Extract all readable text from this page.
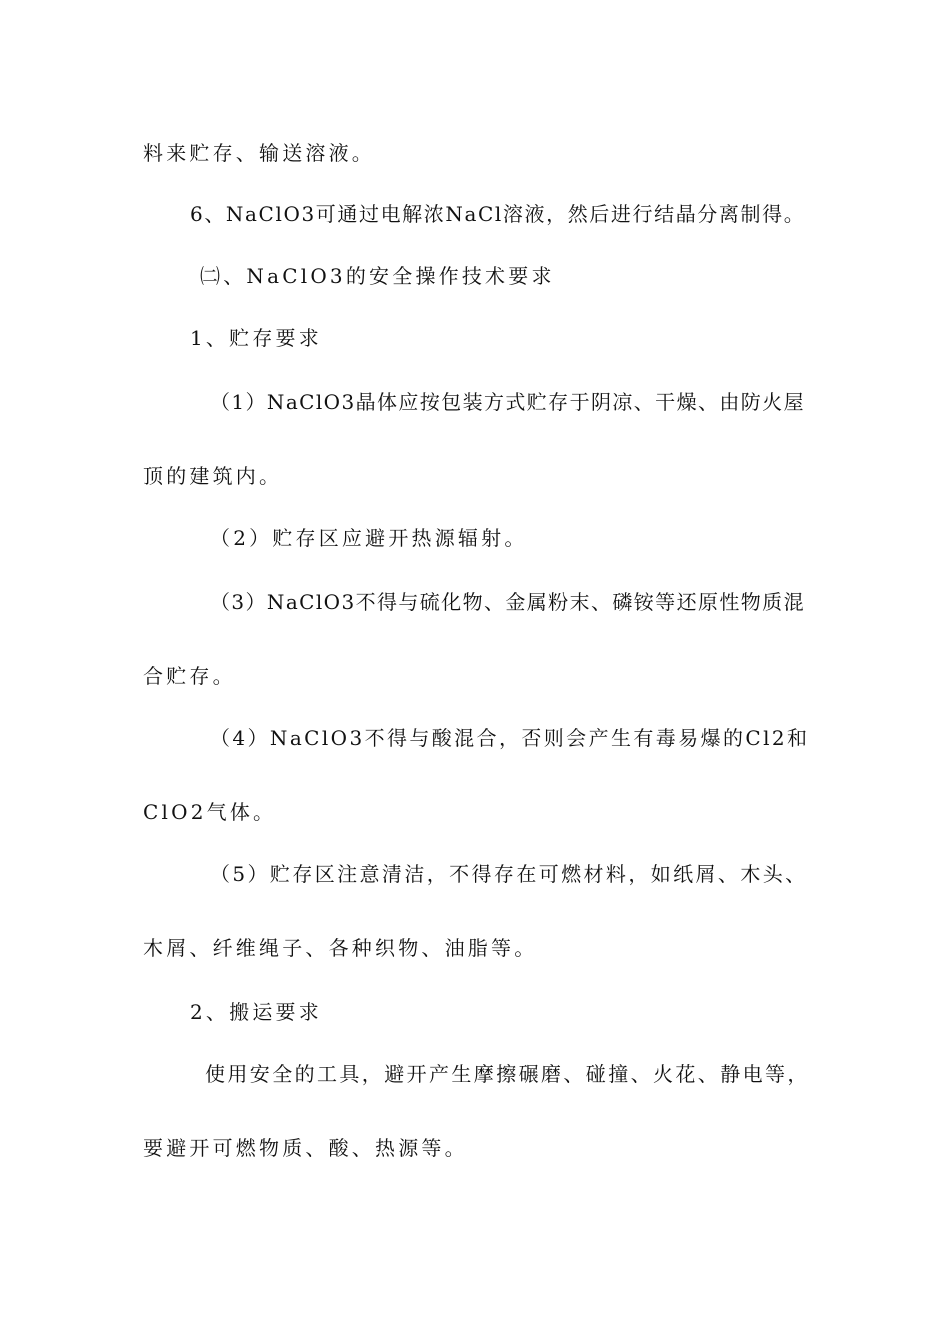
料来贮存、输送溶液。
6、NaClO3可通过电解浓NaCl溶液，然后进行结晶分离制得。
㈡、NaClO3的安全操作技术要求
1、贮存要求
（1）NaClO3晶体应按包装方式贮存于阴凉、干燥、由防火屋
顶的建筑内。
（2）贮存区应避开热源辐射。
（3）NaClO3不得与硫化物、金属粉末、磷铵等还原性物质混
合贮存。
（4）NaClO3不得与酸混合，否则会产生有毒易爆的Cl2和
ClO2气体。
（5）贮存区注意清洁，不得存在可燃材料，如纸屑、木头、
木屑、纤维绳子、各种织物、油脂等。
2、搬运要求
使用安全的工具，避开产生摩擦碾磨、碰撞、火花、静电等，
要避开可燃物质、酸、热源等。
